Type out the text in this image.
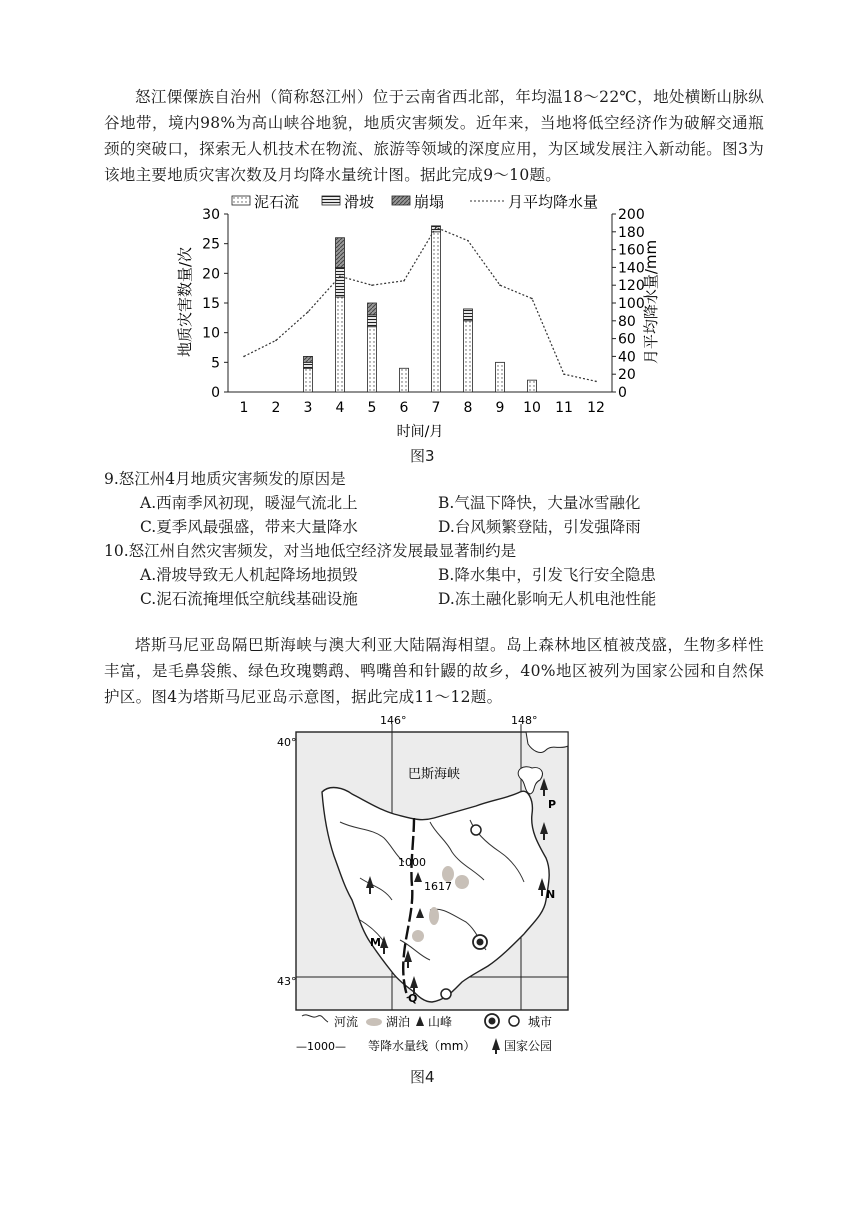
怒江傈僳族自治州（简称怒江州）位于云南省西北部，年均温18～22℃，地处横断山脉纵谷地带，境内98%为高山峡谷地貌，地质灾害频发。近年来，当地将低空经济作为破解交通瓶颈的突破口，探索无人机技术在物流、旅游等领域的深度应用，为区域发展注入新动能。图3为该地主要地质灾害次数及月均降水量统计图。据此完成9～10题。

泥石流	滑坡	崩塌	月平均降水量
0
5
10
15
20
25
30
0
20
40
60
80
100
120
140
160
180
200
1 2 3 4 5 6 7 8 9 10 11 12
时间/月
地质灾害数量/次	月平均降水量/mm
图3
9.怒江州4月地质灾害频发的原因是
A.西南季风初现，暖湿气流北上	B.气温下降快，大量冰雪融化
C.夏季风最强盛，带来大量降水	D.台风频繁登陆，引发强降雨
10.怒江州自然灾害频发，对当地低空经济发展最显著制约是
A.滑坡导致无人机起降场地损毁	B.降水集中，引发飞行安全隐患
C.泥石流掩埋低空航线基础设施	D.冻土融化影响无人机电池性能

塔斯马尼亚岛隔巴斯海峡与澳大利亚大陆隔海相望。岛上森林地区植被茂盛，生物多样性丰富，是毛鼻袋熊、绿色玫瑰鹦鹉、鸭嘴兽和针鼹的故乡，40%地区被列为国家公园和自然保护区。图4为塔斯马尼亚岛示意图，据此完成11～12题。

146°	148°
40°
43°
巴斯海峡
1000
1617
P
N
M
Q
河流 湖泊 山峰	城市
—1000— 等降水量线（mm） 国家公园
图4
